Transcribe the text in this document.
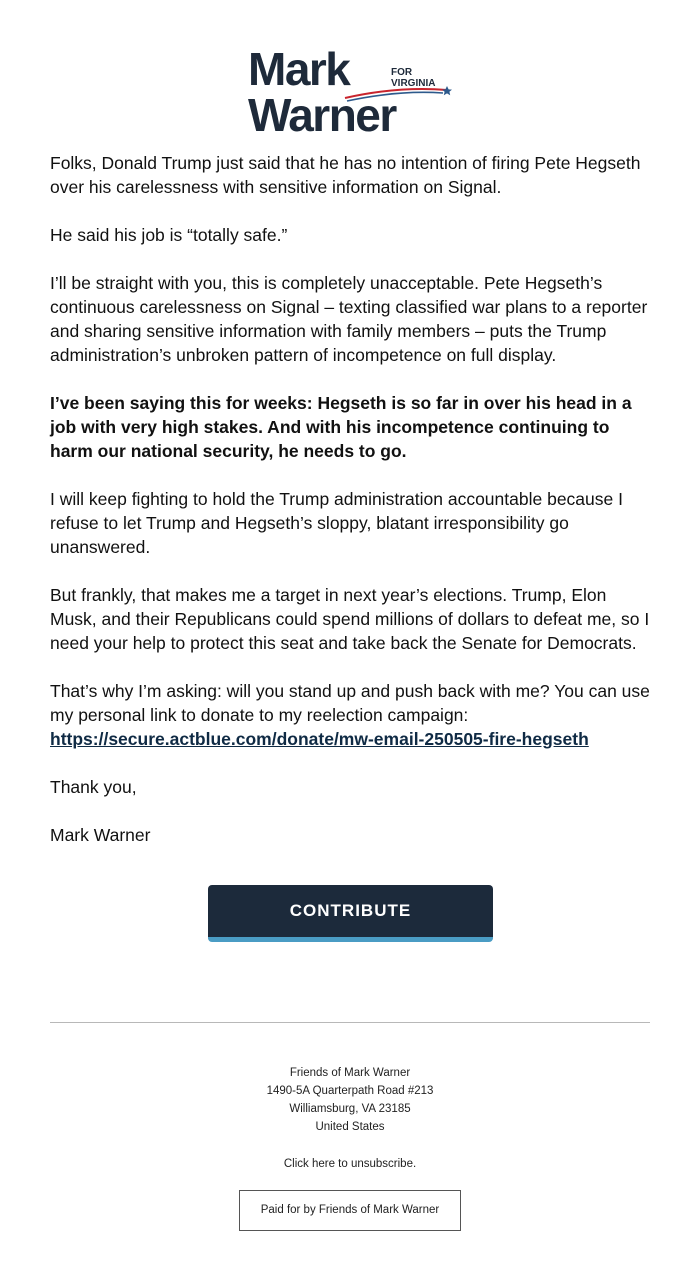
Mark	FOR
VIRGINIA
Warner

Folks, Donald Trump just said that he has no intention of firing Pete Hegseth over his carelessness with sensitive information on Signal.

He said his job is “totally safe.”

I’ll be straight with you, this is completely unacceptable. Pete Hegseth’s continuous carelessness on Signal – texting classified war plans to a reporter and sharing sensitive information with family members – puts the Trump administration’s unbroken pattern of incompetence on full display.

I’ve been saying this for weeks: Hegseth is so far in over his head in a job with very high stakes. And with his incompetence continuing to harm our national security, he needs to go.

I will keep fighting to hold the Trump administration accountable because I refuse to let Trump and Hegseth’s sloppy, blatant irresponsibility go unanswered.

But frankly, that makes me a target in next year’s elections. Trump, Elon Musk, and their Republicans could spend millions of dollars to defeat me, so I need your help to protect this seat and take back the Senate for Democrats.

That’s why I’m asking: will you stand up and push back with me? You can use my personal link to donate to my reelection campaign:
https://secure.actblue.com/donate/mw-email-250505-fire-hegseth

Thank you,

Mark Warner

CONTRIBUTE
Friends of Mark Warner
1490-5A Quarterpath Road #213
Williamsburg, VA 23185
United States
Click here to unsubscribe.
Paid for by Friends of Mark Warner
